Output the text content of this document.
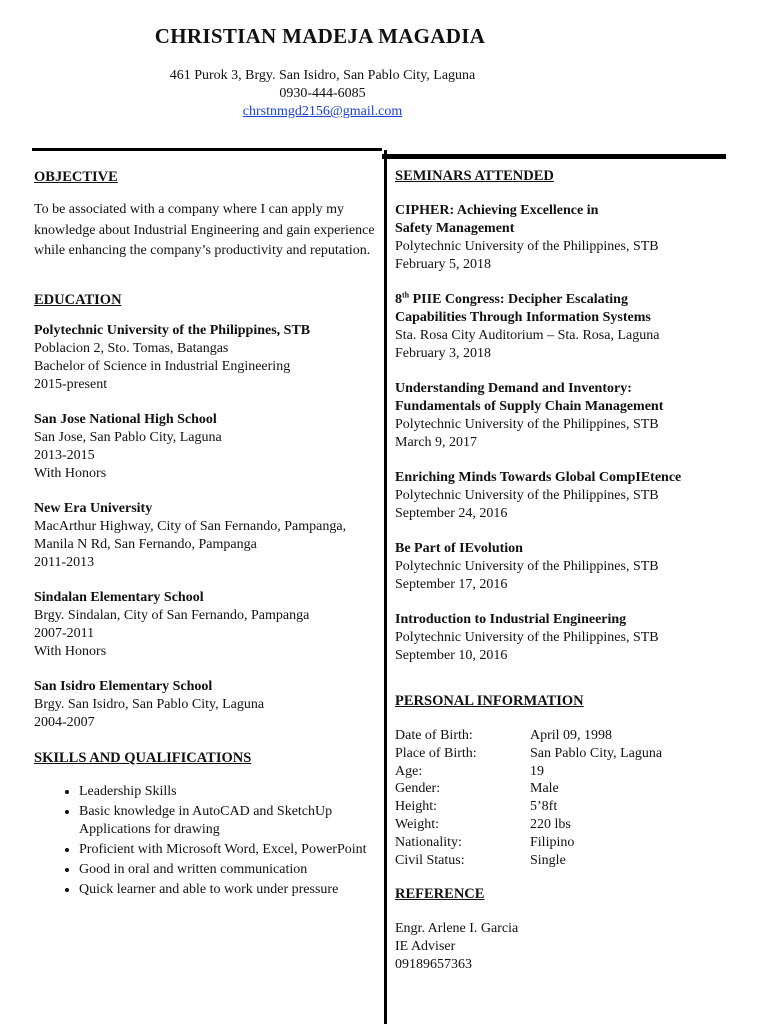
CHRISTIAN MADEJA MAGADIA
461 Purok 3, Brgy. San Isidro, San Pablo City, Laguna
0930-444-6085
chrstnmgd2156@gmail.com
OBJECTIVE
To be associated with a company where I can apply my knowledge about Industrial Engineering and gain experience while enhancing the company’s productivity and reputation.
EDUCATION
Polytechnic University of the Philippines, STB
Poblacion 2, Sto. Tomas, Batangas
Bachelor of Science in Industrial Engineering
2015-present
San Jose National High School
San Jose, San Pablo City, Laguna
2013-2015
With Honors
New Era University
MacArthur Highway, City of San Fernando, Pampanga,
Manila N Rd, San Fernando, Pampanga
2011-2013
Sindalan Elementary School
Brgy. Sindalan, City of San Fernando, Pampanga
2007-2011
With Honors
San Isidro Elementary School
Brgy. San Isidro, San Pablo City, Laguna
2004-2007
SKILLS AND QUALIFICATIONS
• Leadership Skills
• Basic knowledge in AutoCAD and SketchUp Applications for drawing
• Proficient with Microsoft Word, Excel, PowerPoint
• Good in oral and written communication
• Quick learner and able to work under pressure
SEMINARS ATTENDED
CIPHER: Achieving Excellence in
Safety Management
Polytechnic University of the Philippines, STB
February 5, 2018
8th PIIE Congress: Decipher Escalating
Capabilities Through Information Systems
Sta. Rosa City Auditorium – Sta. Rosa, Laguna
February 3, 2018
Understanding Demand and Inventory:
Fundamentals of Supply Chain Management
Polytechnic University of the Philippines, STB
March 9, 2017
Enriching Minds Towards Global CompIEtence
Polytechnic University of the Philippines, STB
September 24, 2016
Be Part of IEvolution
Polytechnic University of the Philippines, STB
September 17, 2016
Introduction to Industrial Engineering
Polytechnic University of the Philippines, STB
September 10, 2016
PERSONAL INFORMATION
Date of Birth:	April 09, 1998
Place of Birth:	San Pablo City, Laguna
Age:	19
Gender:	Male
Height:	5’8ft
Weight:	220 lbs
Nationality:	Filipino
Civil Status:	Single
REFERENCE
Engr. Arlene I. Garcia
IE Adviser
09189657363
